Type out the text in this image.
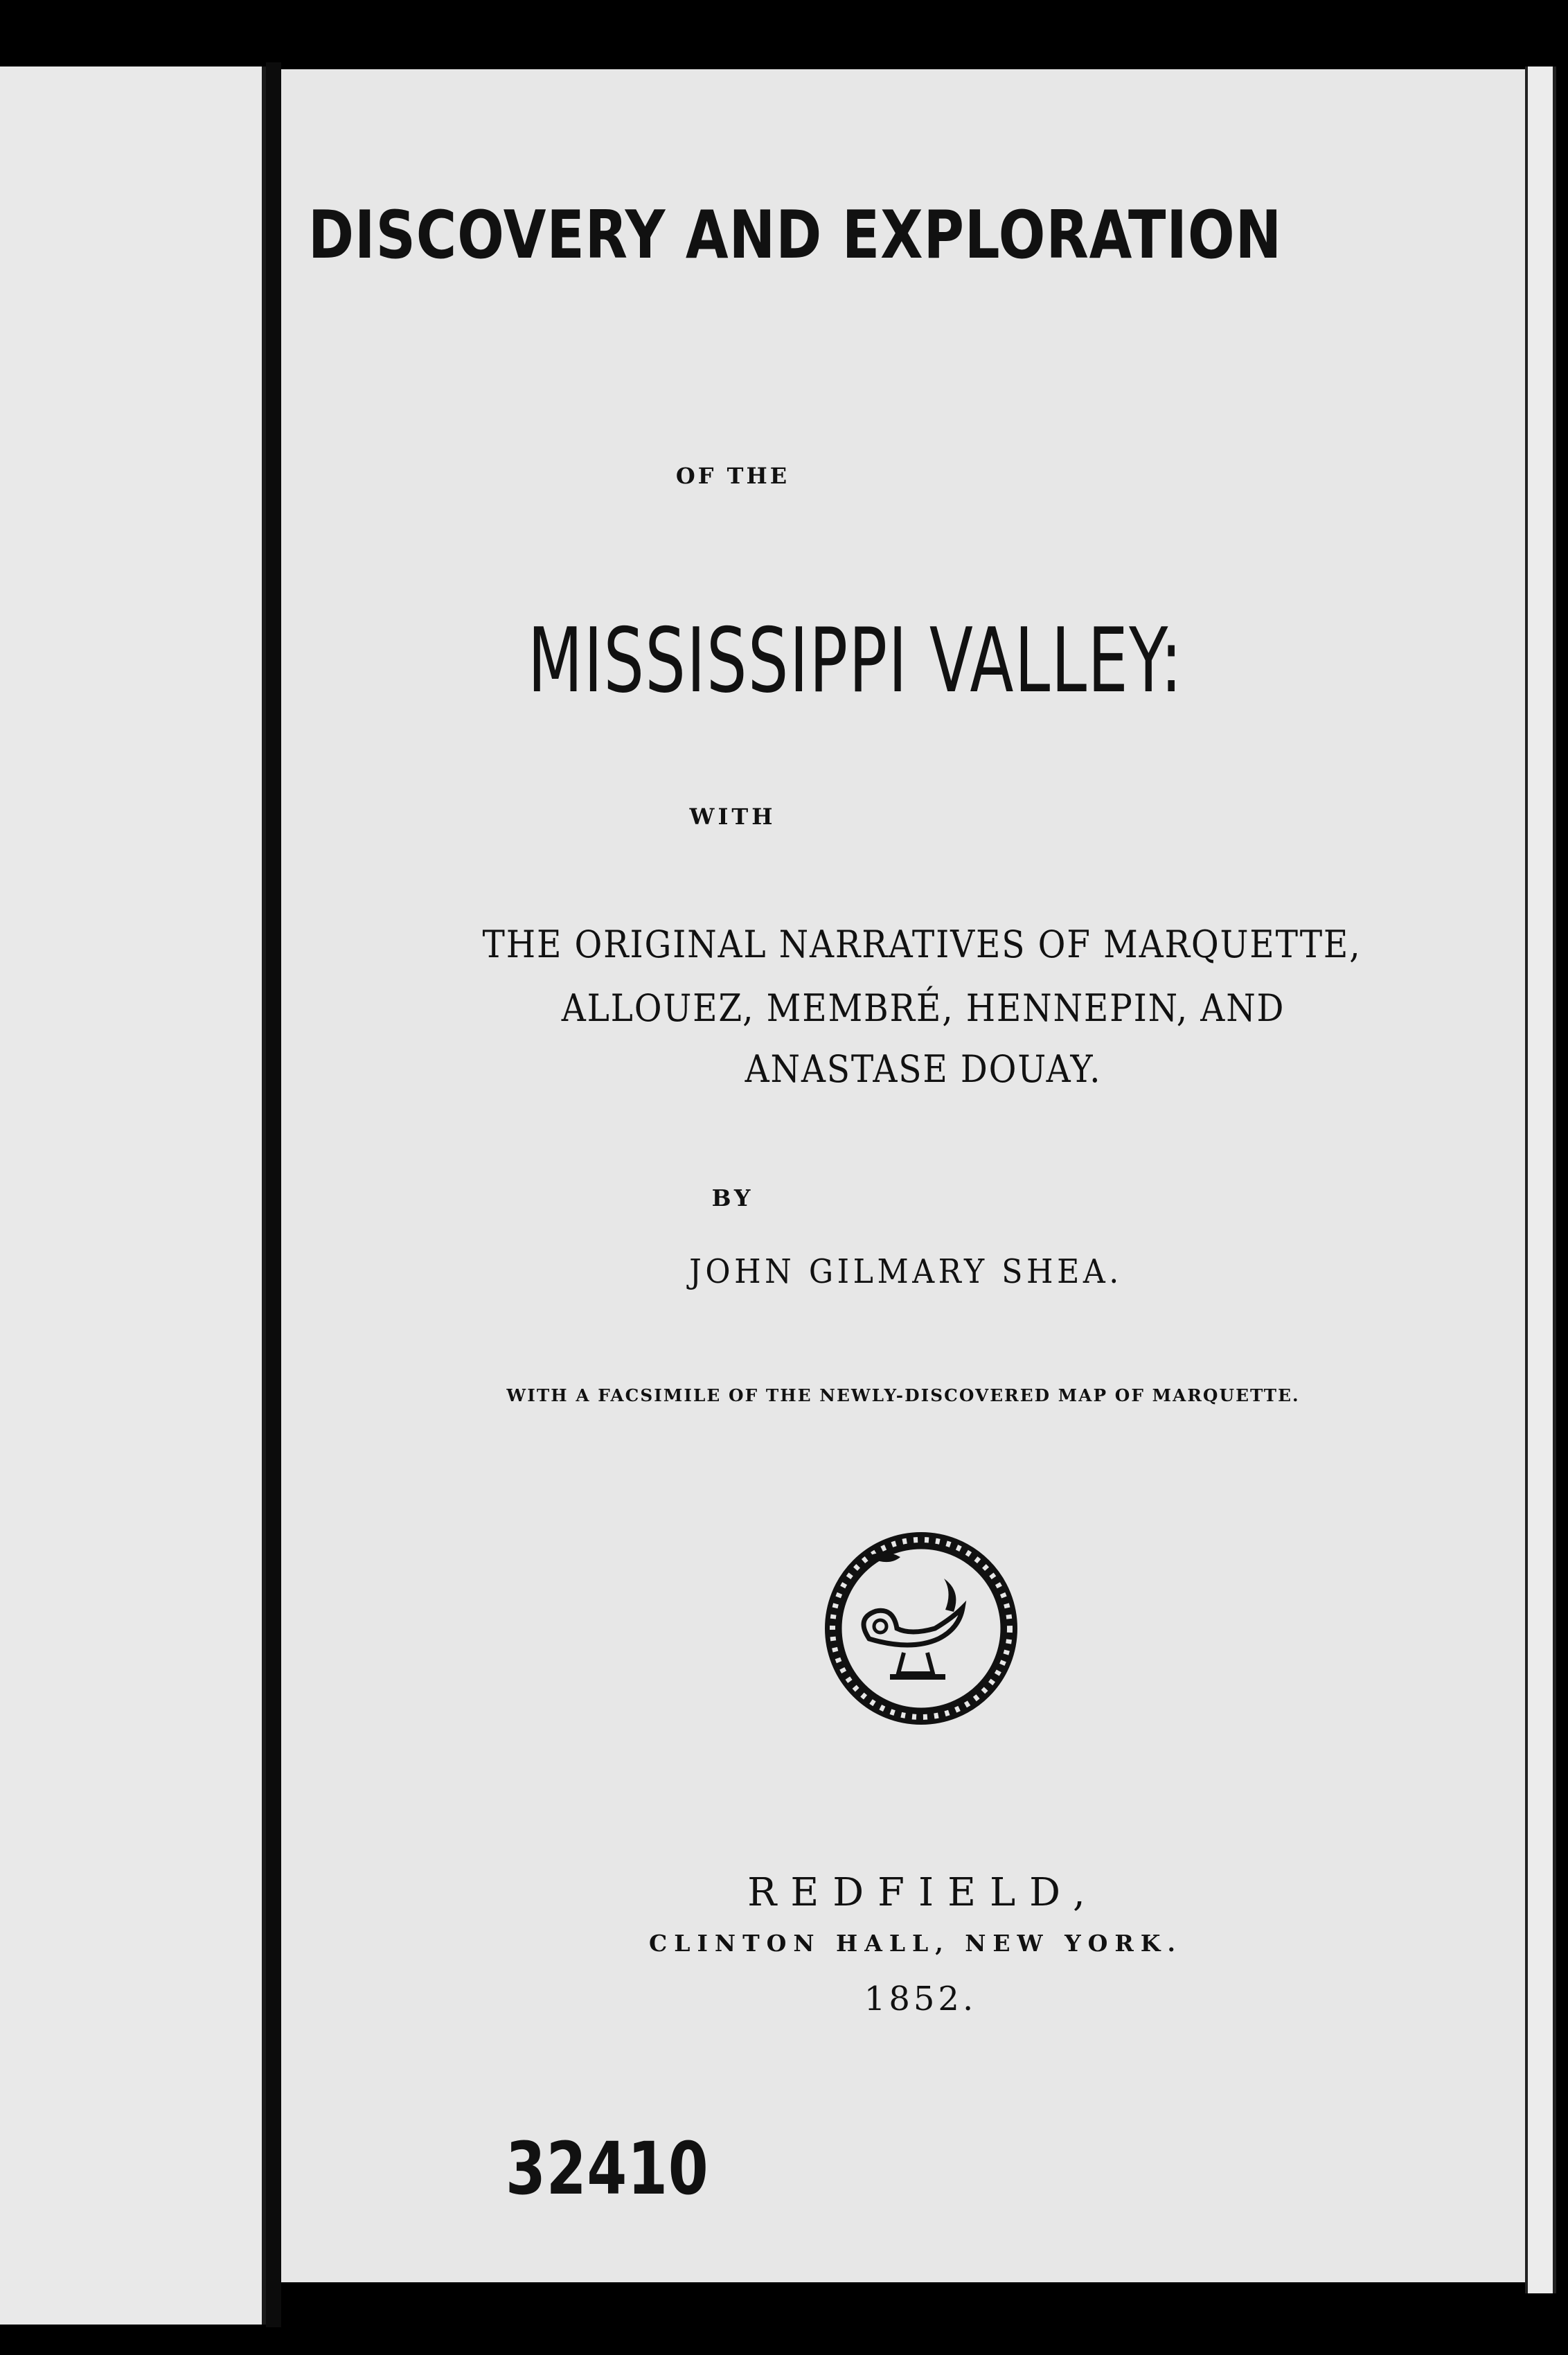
DISCOVERY AND EXPLORATION
OF THE
MISSISSIPPI VALLEY:
WITH
THE ORIGINAL NARRATIVES OF MARQUETTE,
ALLOUEZ, MEMBRÉ, HENNEPIN, AND
ANASTASE DOUAY.
BY
JOHN GILMARY SHEA.
WITH A FACSIMILE OF THE NEWLY-DISCOVERED MAP OF MARQUETTE.
REDFIELD,
CLINTON HALL, NEW YORK.
1852.
32410
